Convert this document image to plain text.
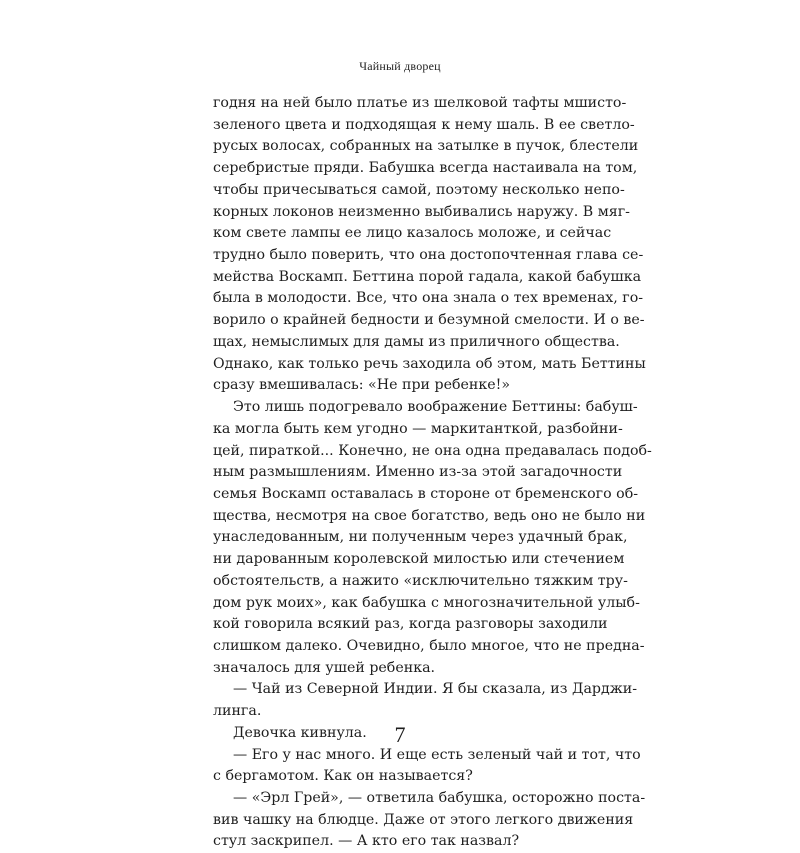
Чайный дворец

годня на ней было платье из шелковой тафты мшисто-
зеленого цвета и подходящая к нему шаль. В ее светло-
русых волосах, собранных на затылке в пучок, блестели
серебристые пряди. Бабушка всегда настаивала на том,
чтобы причесываться самой, поэтому несколько непо-
корных локонов неизменно выбивались наружу. В мяг-
ком свете лампы ее лицо казалось моложе, и сейчас
трудно было поверить, что она достопочтенная глава се-
мейства Воскамп. Беттина порой гадала, какой бабушка
была в молодости. Все, что она знала о тех временах, го-
ворило о крайней бедности и безумной смелости. И о ве-
щах, немыслимых для дамы из приличного общества.
Однако, как только речь заходила об этом, мать Беттины
сразу вмешивалась: «Не при ребенке!»
Это лишь подогревало воображение Беттины: бабуш-
ка могла быть кем угодно — маркитанткой, разбойни-
цей, пираткой... Конечно, не она одна предавалась подоб-
ным размышлениям. Именно из-за этой загадочности
семья Воскамп оставалась в стороне от бременского об-
щества, несмотря на свое богатство, ведь оно не было ни
унаследованным, ни полученным через удачный брак,
ни дарованным королевской милостью или стечением
обстоятельств, а нажито «исключительно тяжким тру-
дом рук моих», как бабушка с многозначительной улыб-
кой говорила всякий раз, когда разговоры заходили
слишком далеко. Очевидно, было многое, что не предна-
значалось для ушей ребенка.
— Чай из Северной Индии. Я бы сказала, из Дарджи-
линга.
Девочка кивнула.
— Его у нас много. И еще есть зеленый чай и тот, что
с бергамотом. Как он называется?
— «Эрл Грей», — ответила бабушка, осторожно поста-
вив чашку на блюдце. Даже от этого легкого движения
стул заскрипел. — А кто его так назвал?

7
